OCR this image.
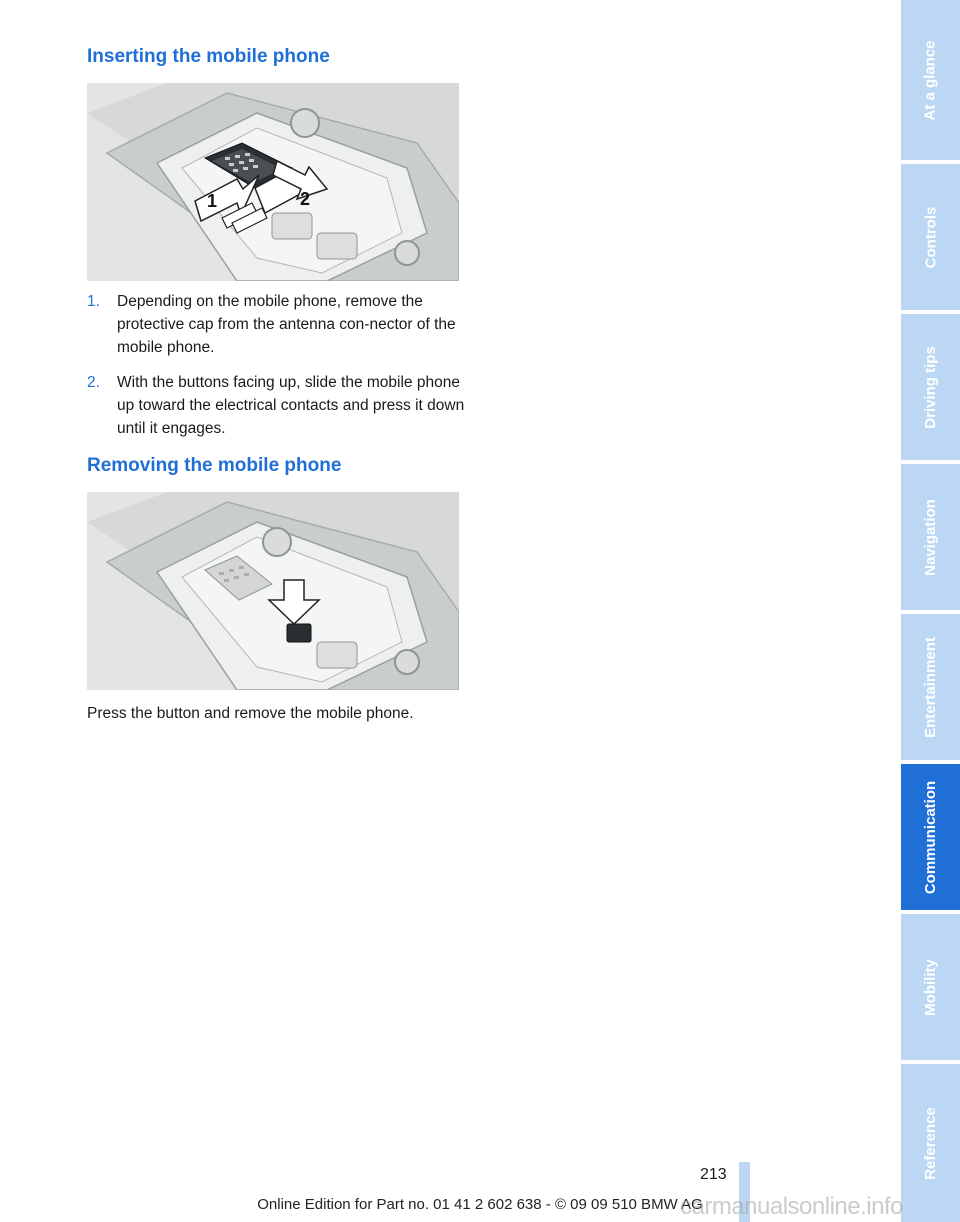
Inserting the mobile phone
1	2
1. Depending on the mobile phone, remove the protective cap from the antenna con-nector of the mobile phone.
2. With the buttons facing up, slide the mobile phone up toward the electrical contacts and press it down until it engages.
Removing the mobile phone

Press the button and remove the mobile phone.

At a glance
Controls
Driving tips
Navigation
Entertainment
Communication
Mobility
Reference
213
Online Edition for Part no. 01 41 2 602 638 - © 09 09 510 BMW AG
carmanualsonline.info
